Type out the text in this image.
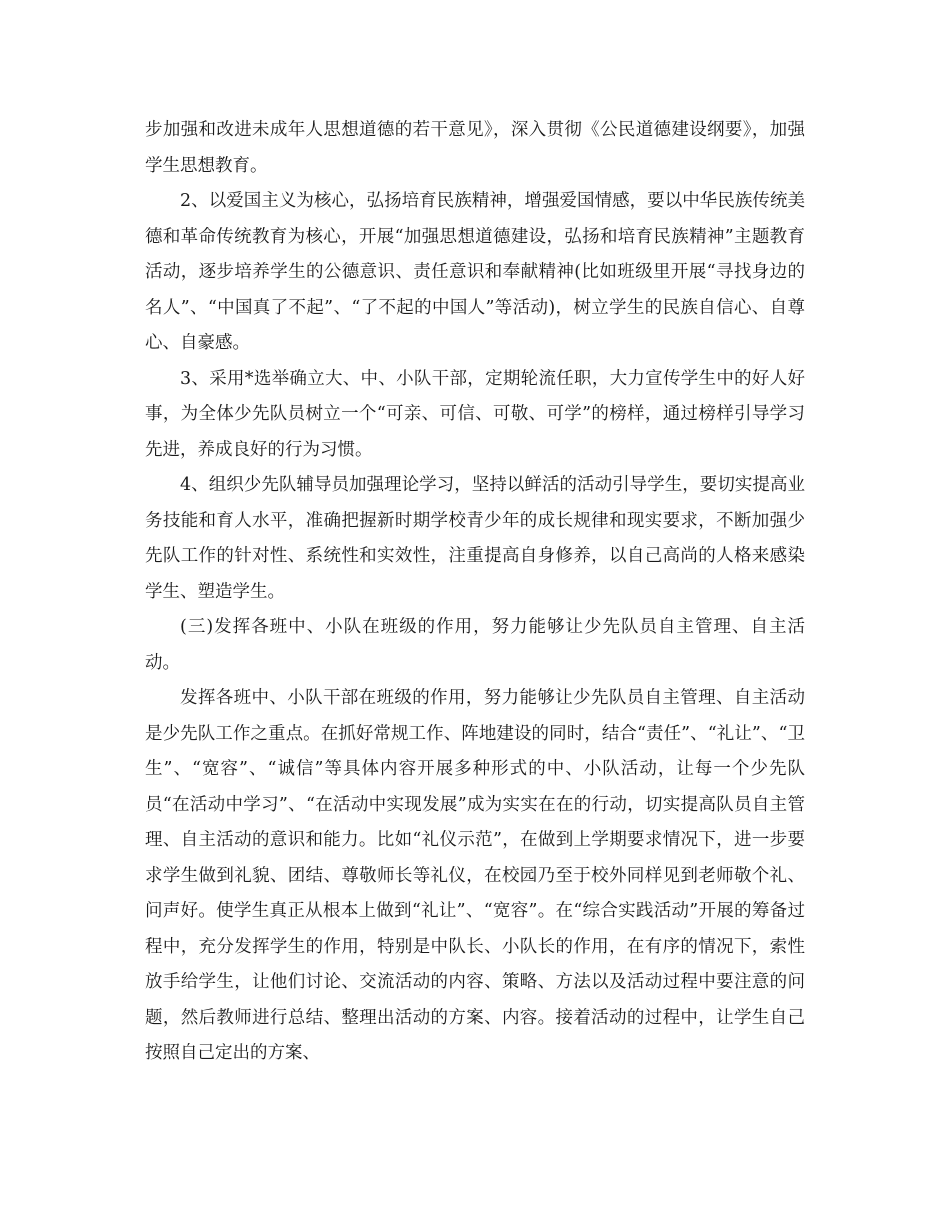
步加强和改进未成年人思想道德的若干意见》，深入贯彻《公民道德建设纲要》，加强学生思想教育。

2、以爱国主义为核心，弘扬培育民族精神，增强爱国情感，要以中华民族传统美德和革命传统教育为核心，开展“加强思想道德建设，弘扬和培育民族精神”主题教育活动，逐步培养学生的公德意识、责任意识和奉献精神(比如班级里开展“寻找身边的名人”、“中国真了不起”、“了不起的中国人”等活动)，树立学生的民族自信心、自尊心、自豪感。

3、采用*选举确立大、中、小队干部，定期轮流任职，大力宣传学生中的好人好事，为全体少先队员树立一个“可亲、可信、可敬、可学”的榜样，通过榜样引导学习先进，养成良好的行为习惯。

4、组织少先队辅导员加强理论学习，坚持以鲜活的活动引导学生，要切实提高业务技能和育人水平，准确把握新时期学校青少年的成长规律和现实要求，不断加强少先队工作的针对性、系统性和实效性，注重提高自身修养，以自己高尚的人格来感染学生、塑造学生。

(三)发挥各班中、小队在班级的作用，努力能够让少先队员自主管理、自主活动。

发挥各班中、小队干部在班级的作用，努力能够让少先队员自主管理、自主活动是少先队工作之重点。在抓好常规工作、阵地建设的同时，结合“责任”、“礼让”、“卫生”、“宽容”、“诚信”等具体内容开展多种形式的中、小队活动，让每一个少先队员“在活动中学习”、“在活动中实现发展”成为实实在在的行动，切实提高队员自主管理、自主活动的意识和能力。比如“礼仪示范”，在做到上学期要求情况下，进一步要求学生做到礼貌、团结、尊敬师长等礼仪，在校园乃至于校外同样见到老师敬个礼、问声好。使学生真正从根本上做到“礼让”、“宽容”。在“综合实践活动”开展的筹备过程中，充分发挥学生的作用，特别是中队长、小队长的作用，在有序的情况下，索性放手给学生，让他们讨论、交流活动的内容、策略、方法以及活动过程中要注意的问题，然后教师进行总结、整理出活动的方案、内容。接着活动的过程中，让学生自己按照自己定出的方案、
